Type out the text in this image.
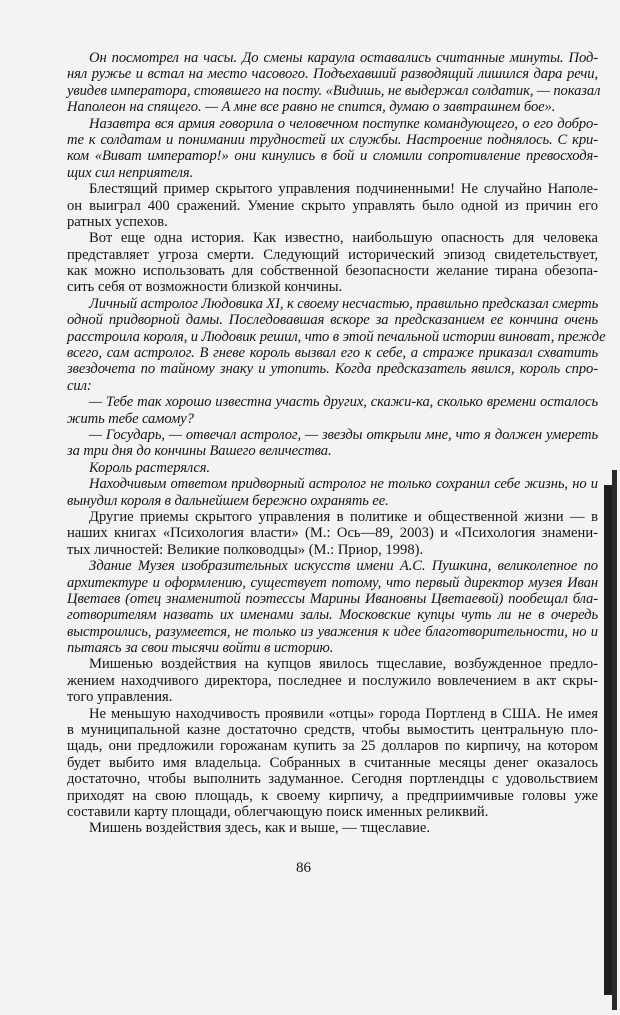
Он посмотрел на часы. До смены караула оставались считанные минуты. Под-
нял ружье и встал на место часового. Подъехавший разводящий лишился дара речи,
увидев императора, стоявшего на посту. «Видишь, не выдержал солдатик, — показал
Наполеон на спящего. — А мне все равно не спится, думаю о завтрашнем бое».
Назавтра вся армия говорила о человечном поступке командующего, о его добро-
те к солдатам и понимании трудностей их службы. Настроение поднялось. С кри-
ком «Виват император!» они кинулись в бой и сломили сопротивление превосходя-
щих сил неприятеля.
Блестящий пример скрытого управления подчиненными! Не случайно Наполе-
он выиграл 400 сражений. Умение скрыто управлять было одной из причин его
ратных успехов.
Вот еще одна история. Как известно, наибольшую опасность для человека
представляет угроза смерти. Следующий исторический эпизод свидетельствует,
как можно использовать для собственной безопасности желание тирана обезопа-
сить себя от возможности близкой кончины.
Личный астролог Людовика XI, к своему несчастью, правильно предсказал смерть
одной придворной дамы. Последовавшая вскоре за предсказанием ее кончина очень
расстроила короля, и Людовик решил, что в этой печальной истории виноват, прежде
всего, сам астролог. В гневе король вызвал его к себе, а страже приказал схватить
звездочета по тайному знаку и утопить. Когда предсказатель явился, король спро-
сил:
— Тебе так хорошо известна участь других, скажи-ка, сколько времени осталось
жить тебе самому?
— Государь, — отвечал астролог, — звезды открыли мне, что я должен умереть
за три дня до кончины Вашего величества.
Король растерялся.
Находчивым ответом придворный астролог не только сохранил себе жизнь, но и
вынудил короля в дальнейшем бережно охранять ее.
Другие приемы скрытого управления в политике и общественной жизни — в
наших книгах «Психология власти» (М.: Ось—89, 2003) и «Психология знамени-
тых личностей: Великие полководцы» (М.: Приор, 1998).
Здание Музея изобразительных искусств имени А.С. Пушкина, великолепное по
архитектуре и оформлению, существует потому, что первый директор музея Иван
Цветаев (отец знаменитой поэтессы Марины Ивановны Цветаевой) пообещал бла-
готворителям назвать их именами залы. Московские купцы чуть ли не в очередь
выстроились, разумеется, не только из уважения к идее благотворительности, но и
пытаясь за свои тысячи войти в историю.
Мишенью воздействия на купцов явилось тщеславие, возбужденное предло-
жением находчивого директора, последнее и послужило вовлечением в акт скры-
того управления.
Не меньшую находчивость проявили «отцы» города Портленд в США. Не имея
в муниципальной казне достаточно средств, чтобы вымостить центральную пло-
щадь, они предложили горожанам купить за 25 долларов по кирпичу, на котором
будет выбито имя владельца. Собранных в считанные месяцы денег оказалось
достаточно, чтобы выполнить задуманное. Сегодня портлендцы с удовольствием
приходят на свою площадь, к своему кирпичу, а предприимчивые головы уже
составили карту площади, облегчающую поиск именных реликвий.
Мишень воздействия здесь, как и выше, — тщеславие.
86
